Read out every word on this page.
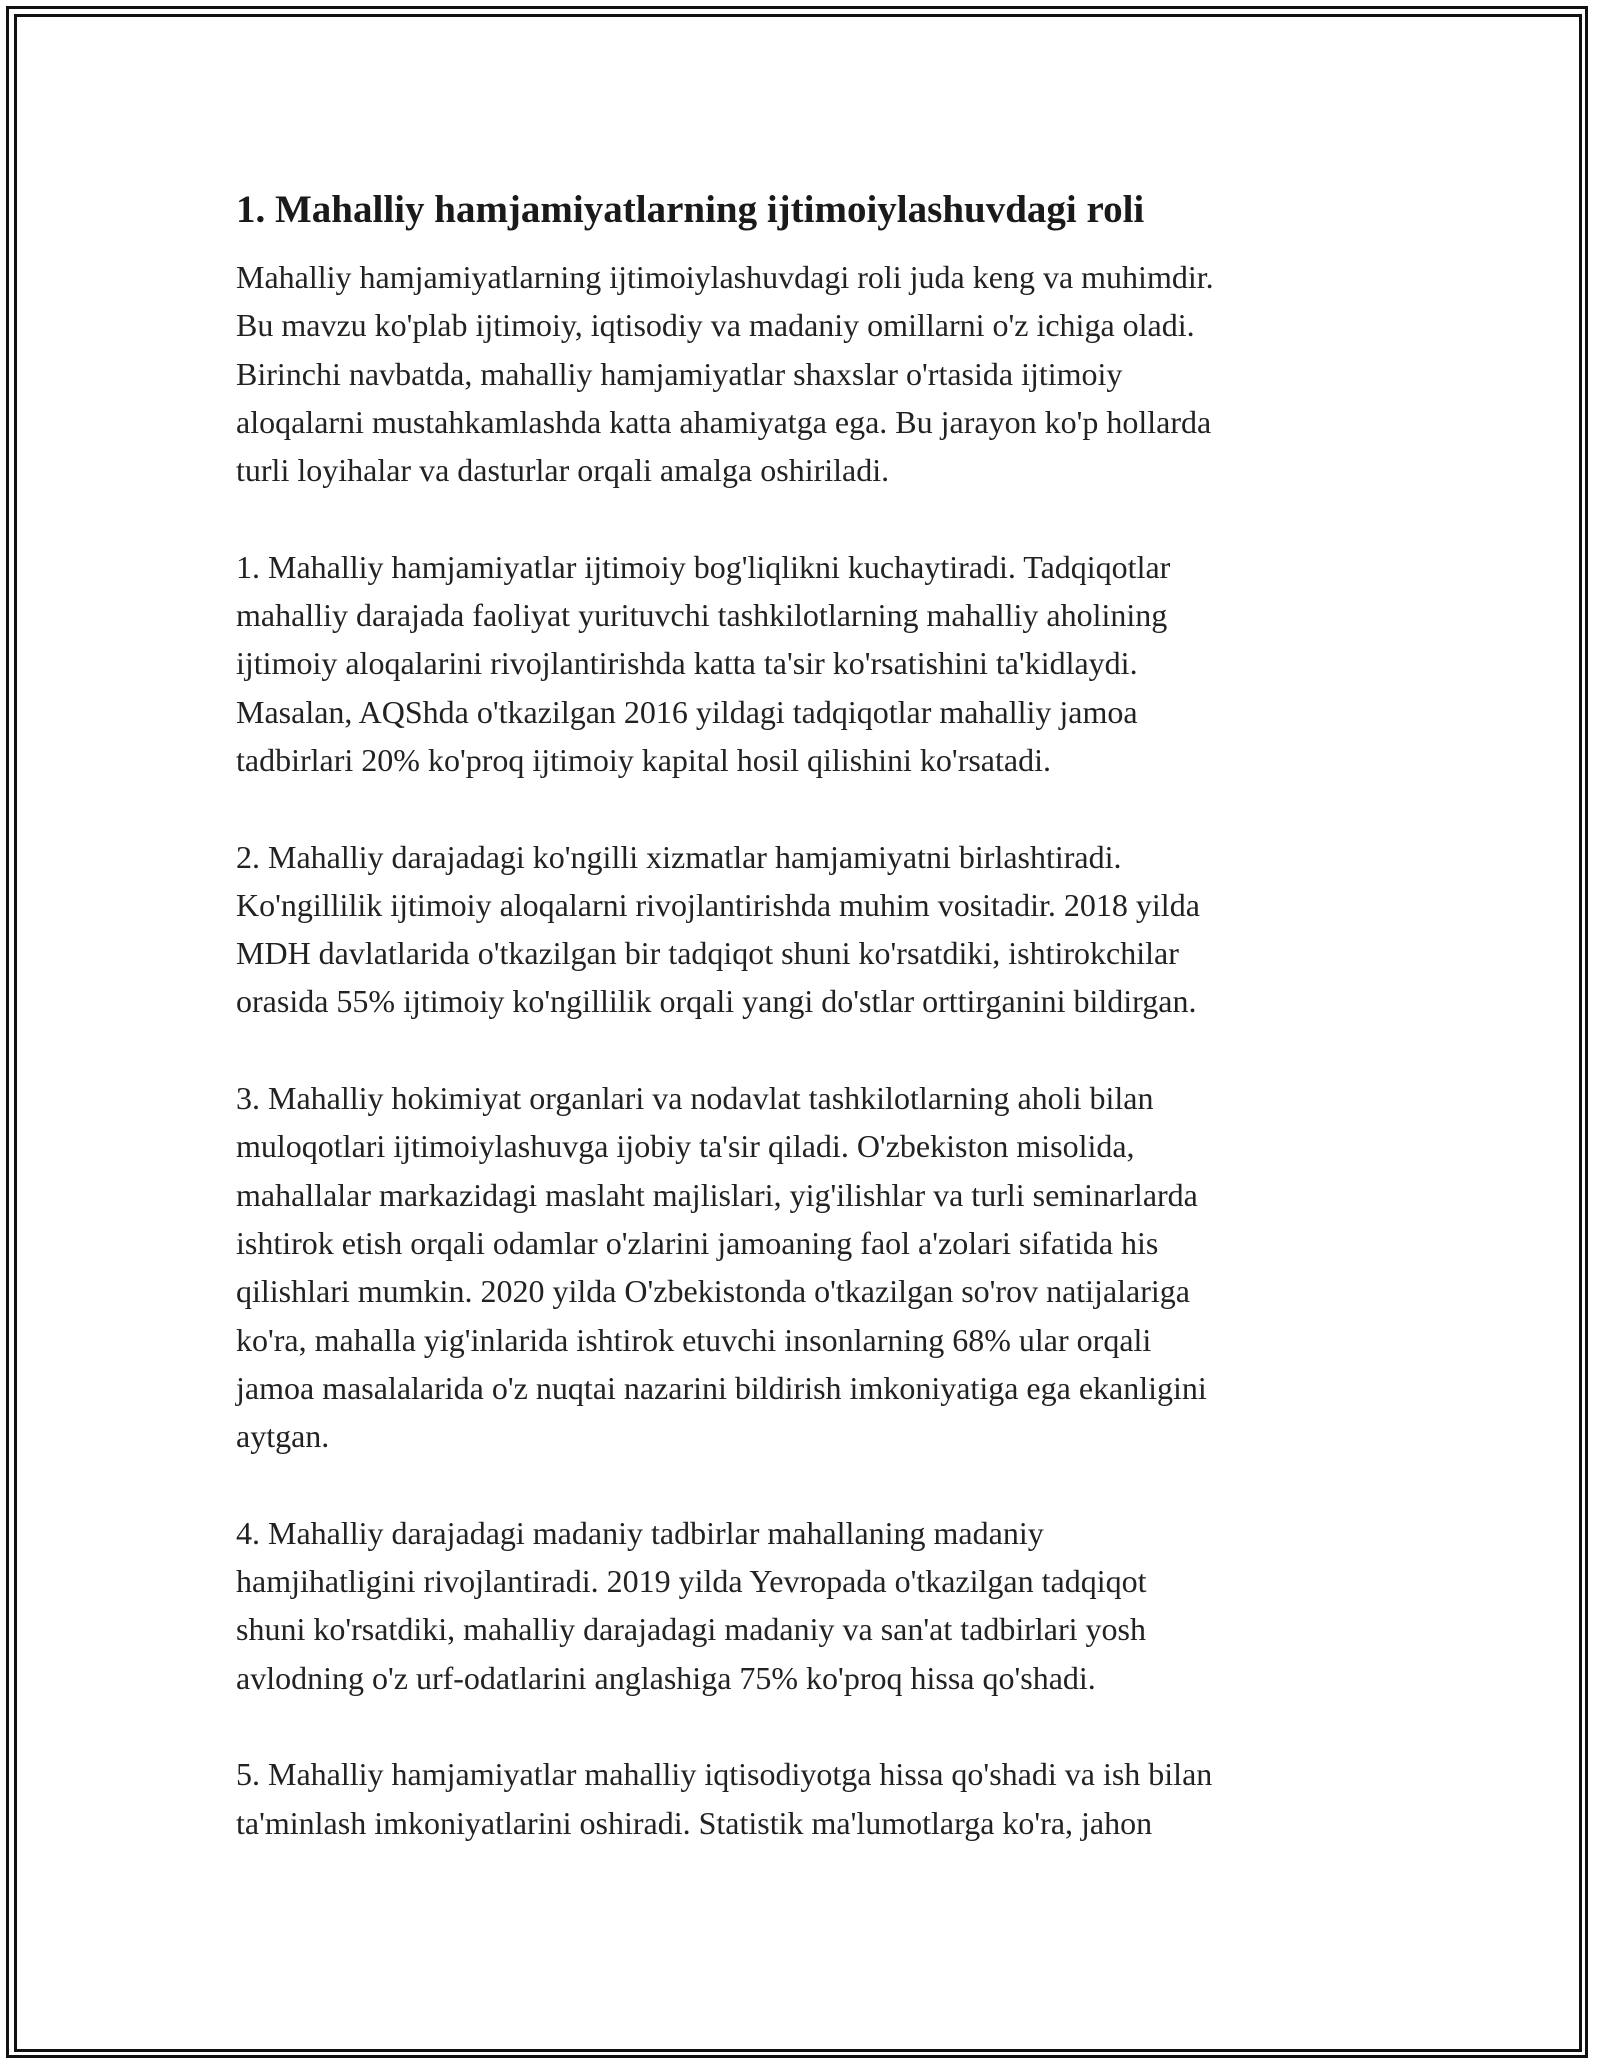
1. Mahalliy hamjamiyatlarning ijtimoiylashuvdagi roli
Mahalliy hamjamiyatlarning ijtimoiylashuvdagi roli juda keng va muhimdir.
Bu mavzu ko'plab ijtimoiy, iqtisodiy va madaniy omillarni o'z ichiga oladi.
Birinchi navbatda, mahalliy hamjamiyatlar shaxslar o'rtasida ijtimoiy
aloqalarni mustahkamlashda katta ahamiyatga ega. Bu jarayon ko'p hollarda
turli loyihalar va dasturlar orqali amalga oshiriladi.
1. Mahalliy hamjamiyatlar ijtimoiy bog'liqlikni kuchaytiradi. Tadqiqotlar
mahalliy darajada faoliyat yurituvchi tashkilotlarning mahalliy aholining
ijtimoiy aloqalarini rivojlantirishda katta ta'sir ko'rsatishini ta'kidlaydi.
Masalan, AQShda o'tkazilgan 2016 yildagi tadqiqotlar mahalliy jamoa
tadbirlari 20% ko'proq ijtimoiy kapital hosil qilishini ko'rsatadi.
2. Mahalliy darajadagi ko'ngilli xizmatlar hamjamiyatni birlashtiradi.
Ko'ngillilik ijtimoiy aloqalarni rivojlantirishda muhim vositadir. 2018 yilda
MDH davlatlarida o'tkazilgan bir tadqiqot shuni ko'rsatdiki, ishtirokchilar
orasida 55% ijtimoiy ko'ngillilik orqali yangi do'stlar orttirganini bildirgan.
3. Mahalliy hokimiyat organlari va nodavlat tashkilotlarning aholi bilan
muloqotlari ijtimoiylashuvga ijobiy ta'sir qiladi. O'zbekiston misolida,
mahallalar markazidagi maslaht majlislari, yig'ilishlar va turli seminarlarda
ishtirok etish orqali odamlar o'zlarini jamoaning faol a'zolari sifatida his
qilishlari mumkin. 2020 yilda O'zbekistonda o'tkazilgan so'rov natijalariga
ko'ra, mahalla yig'inlarida ishtirok etuvchi insonlarning 68% ular orqali
jamoa masalalarida o'z nuqtai nazarini bildirish imkoniyatiga ega ekanligini
aytgan.
4. Mahalliy darajadagi madaniy tadbirlar mahallaning madaniy
hamjihatligini rivojlantiradi. 2019 yilda Yevropada o'tkazilgan tadqiqot
shuni ko'rsatdiki, mahalliy darajadagi madaniy va san'at tadbirlari yosh
avlodning o'z urf-odatlarini anglashiga 75% ko'proq hissa qo'shadi.
5. Mahalliy hamjamiyatlar mahalliy iqtisodiyotga hissa qo'shadi va ish bilan
ta'minlash imkoniyatlarini oshiradi. Statistik ma'lumotlarga ko'ra, jahon
